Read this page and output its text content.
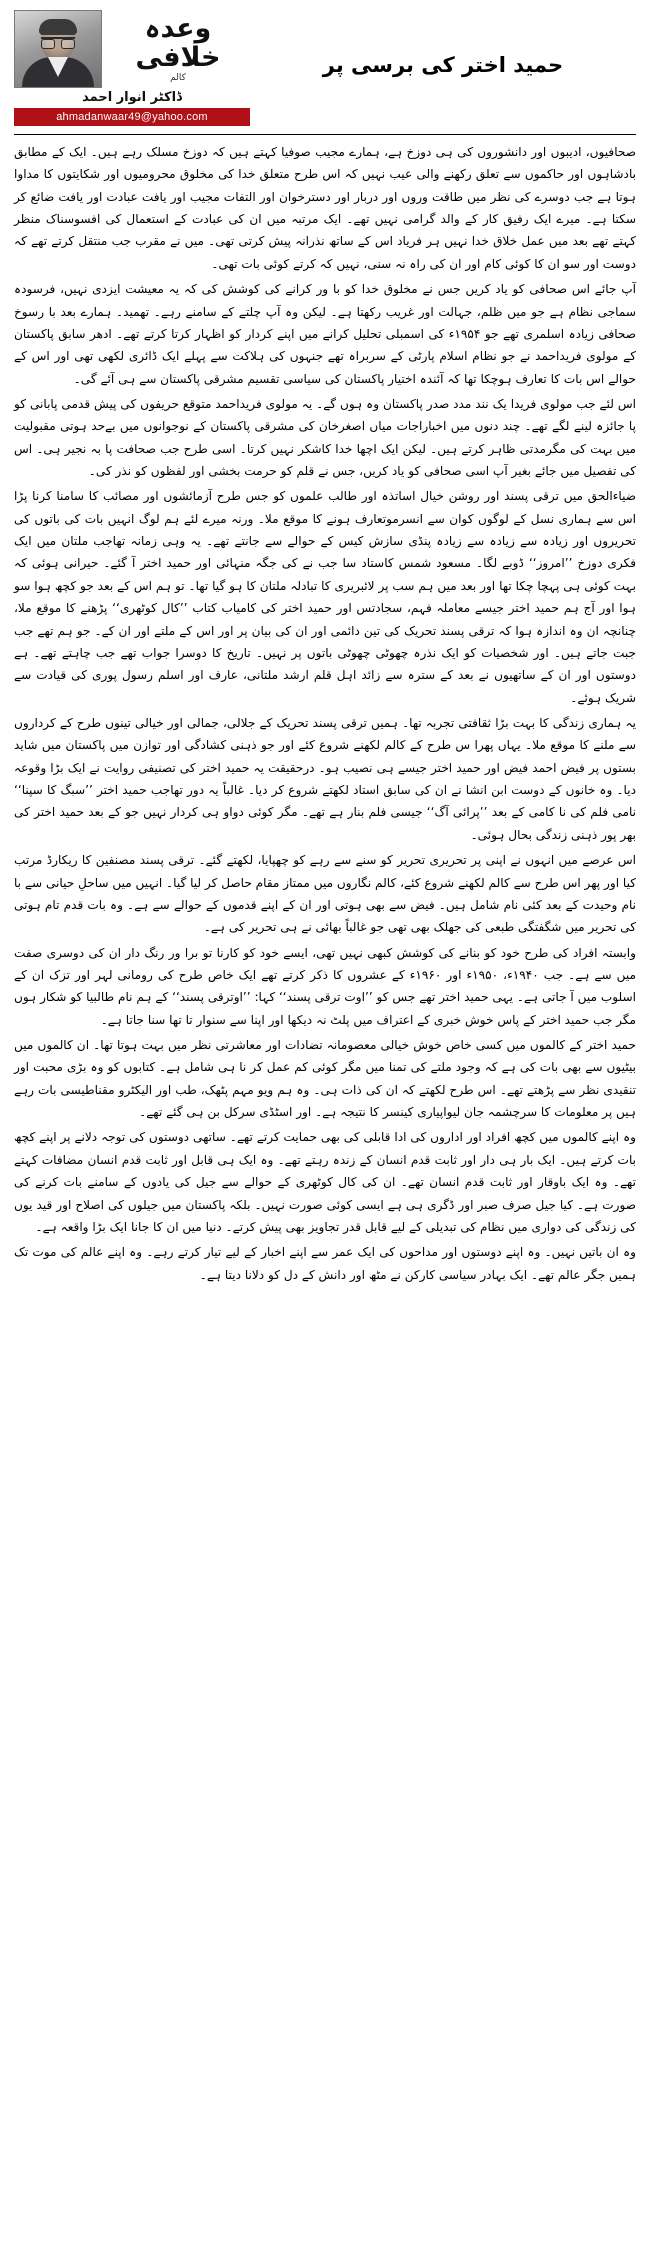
وعدہ خلافی
کالم
ڈاکٹر انوار احمد
ahmadanwaar49@yahoo.com
حمید اختر کی برسی پر

صحافیوں، ادیبوں اور دانشوروں کی ہی دوزخ ہے، ہمارے مجیب صوفیا کہتے ہیں کہ دوزخ مسلک رہے ہیں۔ ایک کے مطابق بادشاہوں اور حاکموں سے تعلق رکھنے والی عیب نہیں کہ اس طرح متعلق خدا کی مخلوق محرومیوں اور شکایتوں کا مداوا ہوتا ہے جب دوسرے کی نظر میں طاقت وروں اور دربار اور دسترخوان اور التفات مجیب اور یافت عبادت اور یافت ضائع کر سکتا ہے۔ میرے ایک رفیق کار کے والد گرامی نہیں تھے۔ ایک مرتبہ میں ان کی عبادت کے استعمال کی افسوسناک منظر کہتے تھے بعد میں عمل خلاق خدا نہیں ہر فریاد اس کے ساتھ نذرانہ پیش کرتی تھی۔ میں نے مقرب جب منتقل کرتے تھے کہ دوست اور سو ان کا کوئی کام اور ان کی راہ نہ سنی، نہیں کہ کرتے کوئی بات تھی۔

آپ جائے اس صحافی کو یاد کریں جس نے مخلوق خدا کو با ور کرانے کی کوشش کی کہ یہ معیشت ایزدی نہیں، فرسودہ سماجی نظام ہے جو میں ظلم، جہالت اور غریب رکھتا ہے۔ لیکن وہ آپ چلتے کے سامنے رہے۔ تھمید۔ ہمارے بعد با رسوخ صحافی زیادہ اسلمری تھے جو ۱۹۵۴ء کی اسمبلی تحلیل کرانے میں اپنے کردار کو اظہار کرتا کرتے تھے۔ ادھر سابق پاکستان کے مولوی فریداحمد نے جو نظام اسلام پارٹی کے سربراہ تھے جنہوں کی ہلاکت سے پہلے ایک ڈائری لکھی تھی اور اس کے حوالے اس بات کا تعارف ہوچکا تھا کہ آئندہ اختیار پاکستان کی سیاسی تقسیم مشرقی پاکستان سے ہی آئے گی۔

اس لئے جب مولوی فریدا یک نند مدد صدر پاکستان وہ ہوں گے۔ یہ مولوی فریداحمد متوقع حریفوں کی پیش قدمی پابانی کو پا جائزہ لینے لگے تھے۔ چند دنوں میں اخباراجات میاں اصغرخان کی مشرقی پاکستان کے نوجوانوں میں بےحد ہوتی مقبولیت میں بہت کی مگرمدتی ظاہر کرتے ہیں۔ لیکن ایک اچھا خدا کاشکر نہیں کرتا۔ اسی طرح جب صحافت پا بہ نجیر ہی۔ اس کی تفصیل میں جائے بغیر آپ اسی صحافی کو یاد کریں، جس نے قلم کو حرمت بخشی اور لفظوں کو نذر کی۔

ضیاءالحق میں ترقی پسند اور روشن خیال اساتذہ اور طالب علموں کو جس طرح آزمائشوں اور مصائب کا سامنا کرنا پڑا اس سے ہماری نسل کے لوگوں کوان سے انسرموتعارف ہونے کا موقع ملا۔ ورنہ میرے لئے ہم لوگ انہیں بات کی باتوں کی تحریروں اور زیادہ سے زیادہ سے زیادہ پنڈی سازش کیس کے حوالے سے جانتے تھے۔ یہ وہی زمانہ تھاجب ملتان میں ایک فکری دوزخ ’’امروز‘‘ ڈوبے لگا۔ مسعود شمس کاستاد سا جب نے کی جگہ منہائی اور حمید اختر آ گئے۔ حیرانی ہوئی کہ بہت کوئی ہی پہچا چکا تھا اور بعد میں ہم سب پر لائبریری کا تبادلہ ملتان کا ہو گیا تھا۔ تو ہم اس کے بعد جو کچھ ہوا سو ہوا اور آج ہم حمید اختر جیسے معاملہ فہم، سجادتس اور حمید اختر کی کامیاب کتاب ’’کال کوٹھری‘‘ پڑھنے کا موقع ملا، چنانچہ ان وہ اندازہ ہوا کہ ترقی پسند تحریک کی تین دائمی اور ان کی بیان پر اور اس کے ملتے اور ان کے۔ جو ہم تھے جب جبت جاتے ہیں۔ اور شخصیات کو ایک نذرہ چھوٹی چھوٹی باتوں پر نہیں۔ تاریخ کا دوسرا جواب تھے جب چاہتے تھے۔ ہے دوستوں اور ان کے ساتھیوں نے بعد کے سترہ سے زائد اہل قلم ارشد ملتانی، عارف اور اسلم رسول پوری کی قیادت سے شریک ہوئے۔

یہ ہماری زندگی کا بہت بڑا ثقافتی تجربہ تھا۔ ہمیں ترقی پسند تحریک کے جلالی، جمالی اور خیالی تینوں طرح کے کرداروں سے ملنے کا موقع ملا۔ یہاں پھرا س طرح کے کالم لکھنے شروع کئے اور جو ذہنی کشادگی اور توازن میں پاکستان میں شاید بستوں پر فیض احمد فیض اور حمید اختر جیسے ہی نصیب ہو۔ درحقیقت یہ حمید اختر کی تصنیفی روایت نے ایک بڑا وقوعہ دیا۔ وہ خانوں کے دوست ابن انشا نے ان کی سابق استاد لکھتے شروع کر دیا۔ غالباً یہ دور تھاجب حمید اختر ’’سبگ کا سپنا‘‘ نامی فلم کی نا کامی کے بعد ’’پرائی آگ‘‘ جیسی فلم بنار ہے تھے۔ مگر کوئی دواو ہی کردار نہیں جو کے بعد حمید اختر کی بھر پور ذہنی زندگی بحال ہوئی۔

اس عرصے میں انہوں نے اپنی پر تحریری تحریر کو سنے سے رہے کو چھپایا، لکھتے گئے۔ ترقی پسند مصنفین کا ریکارڈ مرتب کیا اور پھر اس طرح سے کالم لکھنے شروع کئے، کالم نگاروں میں ممتاز مقام حاصل کر لیا گیا۔ انہیں میں ساحلِ حیانی سے با نام وحیدت کے بعد کئی نام شامل ہیں۔ فیض سے بھی ہوتی اور ان کے اپنے قدموں کے حوالے سے ہے۔ وہ بات قدم تام ہوتی کی تحریر میں شگفتگی طبعی کی جھلک بھی تھی جو غالباً بھائی نے ہی تحریر کی ہے۔

وابستہ افراد کی طرح خود کو بنانے کی کوشش کبھی نہیں تھی، ایسے خود کو کارنا تو برا ور رنگ دار ان کی دوسری صفت میں سے ہے۔ جب ۱۹۴۰ء، ۱۹۵۰ء اور ۱۹۶۰ء کے عشروں کا ذکر کرتے تھے ایک خاص طرح کی رومانی لہر اور تزک ان کے اسلوب میں آ جاتی ہے۔ یہی حمید اختر تھے جس کو ’’اوت ترقی پسند‘‘ کہا: ’’اوترقی پسند‘‘ کے ہم نام طالبیا کو شکار ہوں مگر جب حمید اختر کے پاس خوش خبری کے اعتراف میں پلٹ نہ دیکھا اور اپنا سے سنوار تا تھا سنا جاتا ہے۔

حمید اختر کے کالموں میں کسی خاص خوش خیالی معصومانہ تضادات اور معاشرتی نظر میں بہت ہوتا تھا۔ ان کالموں میں بیٹیوں سے بھی بات کی ہے کہ وجود ملتے کی تمنا میں مگر کوئی کم عمل کر نا ہی شامل ہے۔ کتابوں کو وہ بڑی محبت اور تنقیدی نظر سے پڑھتے تھے۔ اس طرح لکھتے کہ ان کی ذات ہی۔ وہ ہم ویو مہم پٹھک، طب اور الیکٹرو مقناطیسی بات رہے ہیں پر معلومات کا سرچشمہ جان لیواپیاری کینسر کا نتیجہ ہے۔ اور اسٹڈی سرکل بن ہی گئے تھے۔

وہ اپنے کالموں میں کچھ افراد اور اداروں کی ادا قابلی کی بھی حمایت کرتے تھے۔ ساتھی دوستوں کی توجہ دلانے پر اپنے کچھ بات کرتے ہیں۔ ایک بار ہی دار اور ثابت قدم انسان کے زندہ رہتے تھے۔ وہ ایک ہی قابل اور ثابت قدم انسان مضافات کہتے تھے۔ وہ ایک باوقار اور ثابت قدم انسان تھے۔ ان کی کال کوٹھری کے حوالے سے جیل کی یادوں کے سامنے بات کرنے کی صورت ہے۔ کیا جیل صرف صبر اور ڈگری ہی ہے ایسی کوئی صورت نہیں۔ بلکہ پاکستان میں جیلوں کی اصلاح اور قید یوں کی زندگی کی دواری میں نظام کی تبدیلی کے لیے قابل قدر تجاویز بھی پیش کرتے۔ دنیا میں ان کا جانا ایک بڑا واقعہ ہے۔

وہ ان باتیں نہیں۔ وہ اپنے دوستوں اور مداحوں کی ایک عمر سے اپنے اخبار کے لیے تیار کرتے رہے۔ وہ اپنے عالم کی موت تک ہمیں جگر عالم تھے۔ ایک بہادر سیاسی کارکن نے مٹھ اور دانش کے دل کو دلانا دیتا ہے۔
